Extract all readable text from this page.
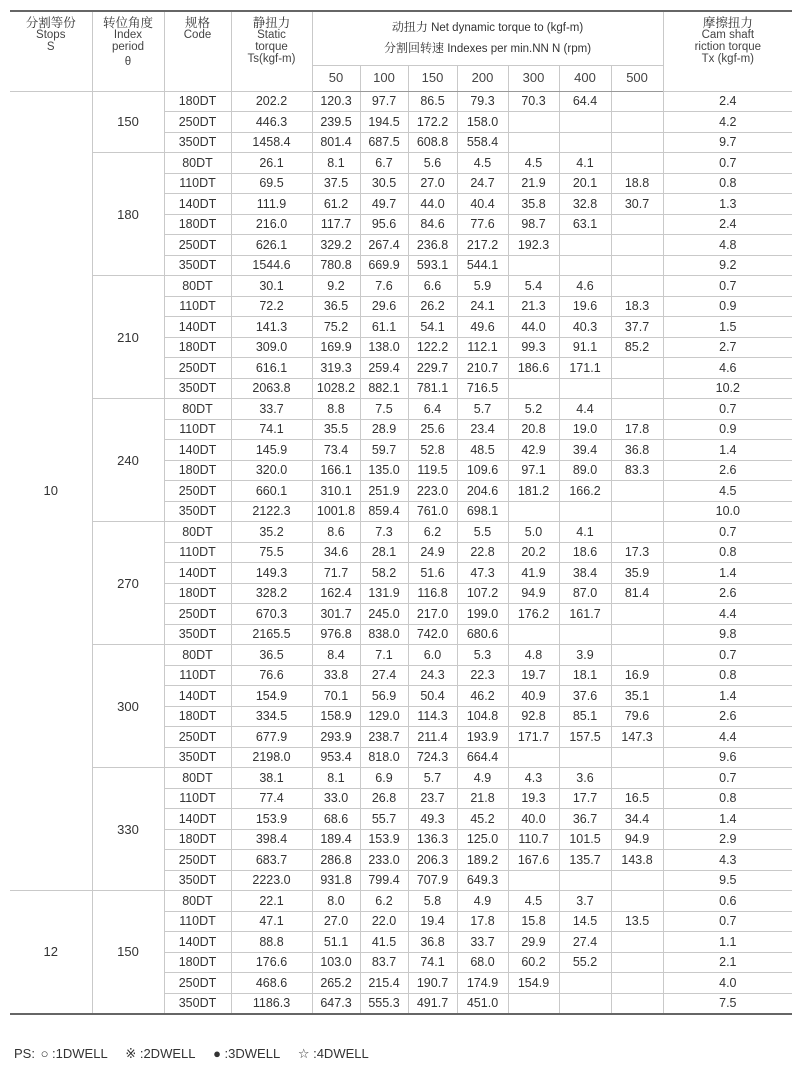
分割等份
Stops
S	转位角度
Index
period
θ	规格
Code	静扭力
Static
torque
Ts(kgf-m)	动扭力 Net dynamic torque to (kgf-m)
分割回转速 Indexes per min.NN N (rpm)							摩擦扭力
Cam shaft
riction torque
Tx (kgf-m)

				50	100	150	200	300	400	500	
10	150	180DT	202.2	120.3	97.7	86.5	79.3	70.3	64.4		2.4
		250DT	446.3	239.5	194.5	172.2	158.0				4.2
		350DT	1458.4	801.4	687.5	608.8	558.4				9.7
	180	80DT	26.1	8.1	6.7	5.6	4.5	4.5	4.1		0.7
		110DT	69.5	37.5	30.5	27.0	24.7	21.9	20.1	18.8	0.8
		140DT	111.9	61.2	49.7	44.0	40.4	35.8	32.8	30.7	1.3
		180DT	216.0	117.7	95.6	84.6	77.6	98.7	63.1		2.4
		250DT	626.1	329.2	267.4	236.8	217.2	192.3			4.8
		350DT	1544.6	780.8	669.9	593.1	544.1				9.2
	210	80DT	30.1	9.2	7.6	6.6	5.9	5.4	4.6		0.7
		110DT	72.2	36.5	29.6	26.2	24.1	21.3	19.6	18.3	0.9
		140DT	141.3	75.2	61.1	54.1	49.6	44.0	40.3	37.7	1.5
		180DT	309.0	169.9	138.0	122.2	112.1	99.3	91.1	85.2	2.7
		250DT	616.1	319.3	259.4	229.7	210.7	186.6	171.1		4.6
		350DT	2063.8	1028.2	882.1	781.1	716.5				10.2
	240	80DT	33.7	8.8	7.5	6.4	5.7	5.2	4.4		0.7
		110DT	74.1	35.5	28.9	25.6	23.4	20.8	19.0	17.8	0.9
		140DT	145.9	73.4	59.7	52.8	48.5	42.9	39.4	36.8	1.4
		180DT	320.0	166.1	135.0	119.5	109.6	97.1	89.0	83.3	2.6
		250DT	660.1	310.1	251.9	223.0	204.6	181.2	166.2		4.5
		350DT	2122.3	1001.8	859.4	761.0	698.1				10.0
	270	80DT	35.2	8.6	7.3	6.2	5.5	5.0	4.1		0.7
		110DT	75.5	34.6	28.1	24.9	22.8	20.2	18.6	17.3	0.8
		140DT	149.3	71.7	58.2	51.6	47.3	41.9	38.4	35.9	1.4
		180DT	328.2	162.4	131.9	116.8	107.2	94.9	87.0	81.4	2.6
		250DT	670.3	301.7	245.0	217.0	199.0	176.2	161.7		4.4
		350DT	2165.5	976.8	838.0	742.0	680.6				9.8
	300	80DT	36.5	8.4	7.1	6.0	5.3	4.8	3.9		0.7
		110DT	76.6	33.8	27.4	24.3	22.3	19.7	18.1	16.9	0.8
		140DT	154.9	70.1	56.9	50.4	46.2	40.9	37.6	35.1	1.4
		180DT	334.5	158.9	129.0	114.3	104.8	92.8	85.1	79.6	2.6
		250DT	677.9	293.9	238.7	211.4	193.9	171.7	157.5	147.3	4.4
		350DT	2198.0	953.4	818.0	724.3	664.4				9.6
	330	80DT	38.1	8.1	6.9	5.7	4.9	4.3	3.6		0.7
		110DT	77.4	33.0	26.8	23.7	21.8	19.3	17.7	16.5	0.8
		140DT	153.9	68.6	55.7	49.3	45.2	40.0	36.7	34.4	1.4
		180DT	398.4	189.4	153.9	136.3	125.0	110.7	101.5	94.9	2.9
		250DT	683.7	286.8	233.0	206.3	189.2	167.6	135.7	143.8	4.3
		350DT	2223.0	931.8	799.4	707.9	649.3				9.5
12	150	80DT	22.1	8.0	6.2	5.8	4.9	4.5	3.7		0.6
		110DT	47.1	27.0	22.0	19.4	17.8	15.8	14.5	13.5	0.7
		140DT	88.8	51.1	41.5	36.8	33.7	29.9	27.4		1.1
		180DT	176.6	103.0	83.7	74.1	68.0	60.2	55.2		2.1
		250DT	468.6	265.2	215.4	190.7	174.9	154.9			4.0
		350DT	1186.3	647.3	555.3	491.7	451.0				7.5
PS: ○ :1DWELL ※ :2DWELL ● :3DWELL ☆ :4DWELL
